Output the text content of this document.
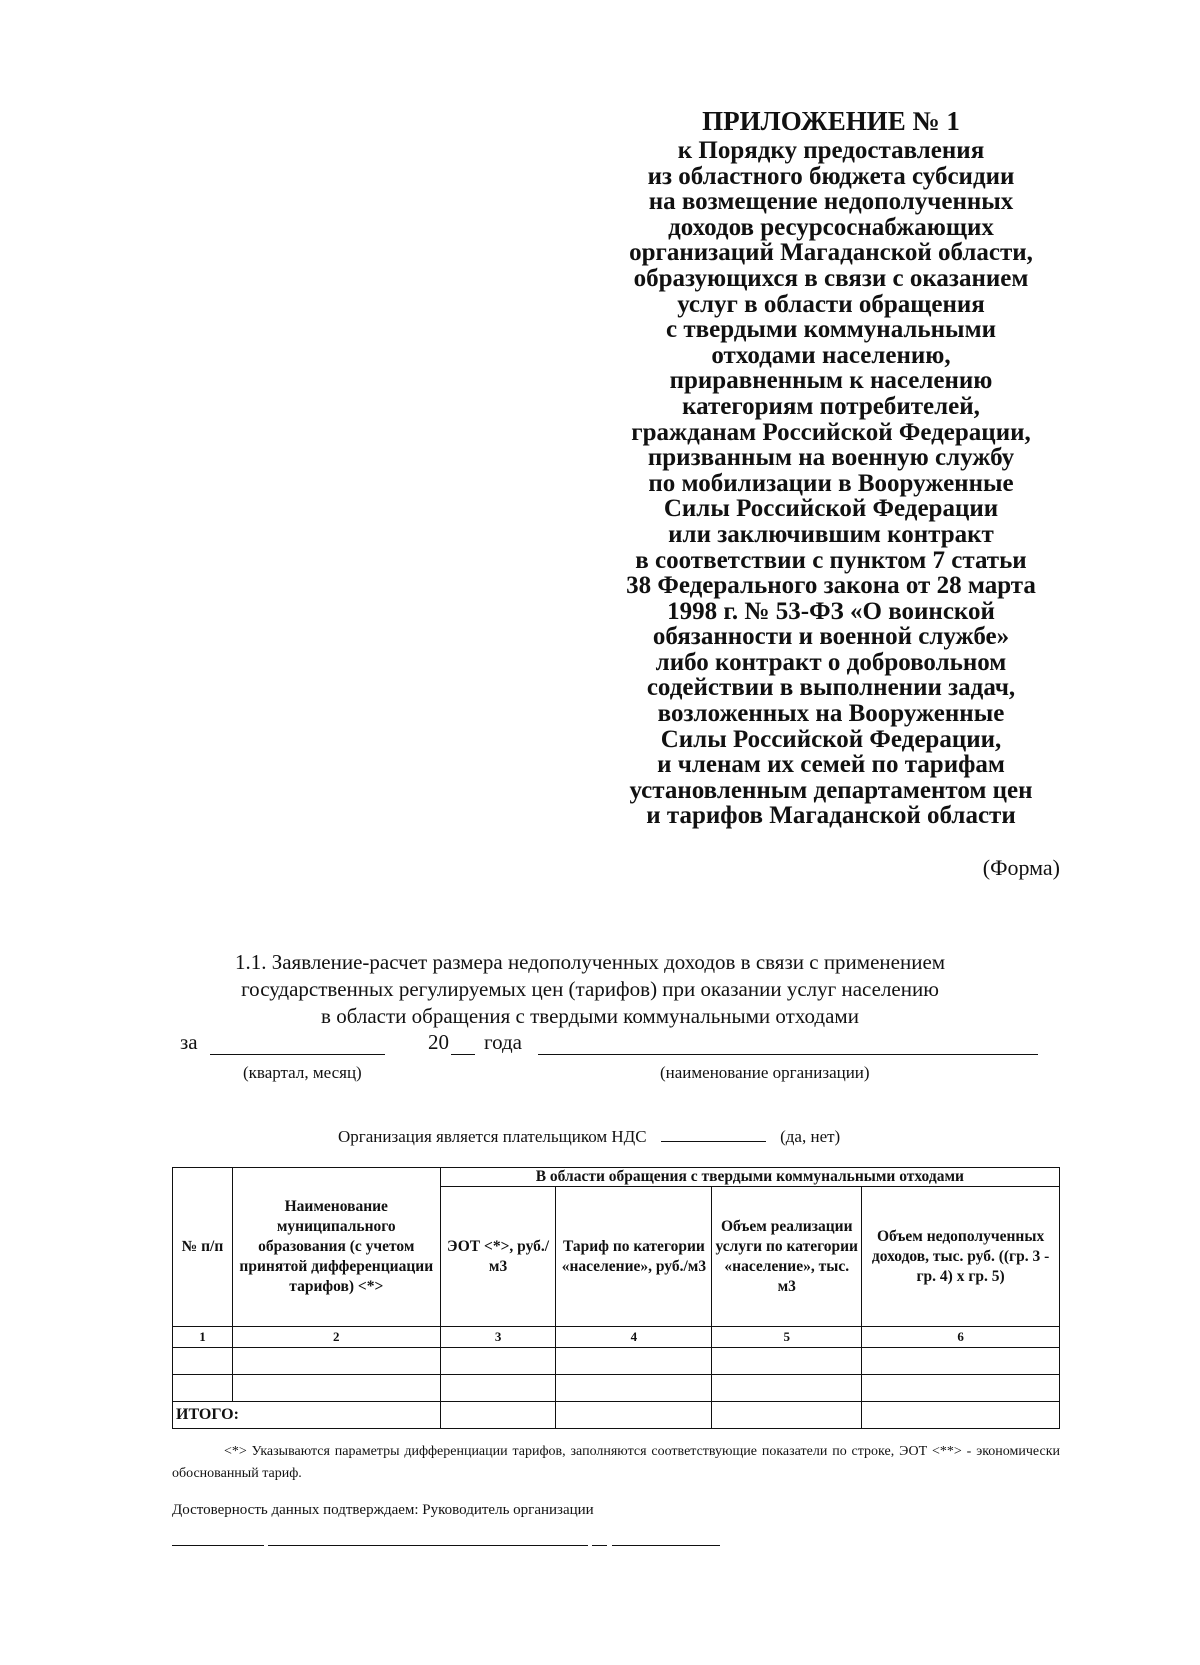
ПРИЛОЖЕНИЕ № 1
к Порядку предоставления
из областного бюджета субсидии
на возмещение недополученных
доходов ресурсоснабжающих
организаций Магаданской области,
образующихся в связи с оказанием
услуг в области обращения
с твердыми коммунальными
отходами населению,
приравненным к населению
категориям потребителей,
гражданам Российской Федерации,
призванным на военную службу
по мобилизации в Вооруженные
Силы Российской Федерации
или заключившим контракт
в соответствии с пунктом 7 статьи
38 Федерального закона от 28 марта
1998 г. № 53-ФЗ «О воинской
обязанности и военной службе»
либо контракт о добровольном
содействии в выполнении задач,
возложенных на Вооруженные
Силы Российской Федерации,
и членам их семей по тарифам
установленным департаментом цен
и тарифов Магаданской области
(Форма)
1.1. Заявление-расчет размера недополученных доходов в связи с применением
государственных регулируемых цен (тарифов) при оказании услуг населению
в области обращения с твердыми коммунальными отходами
за	20 года
(квартал, месяц)	(наименование организации)
Организация является плательщиком НДС	(да, нет)
№ п/п	Наименование муниципального образования (с учетом принятой дифференциации тарифов) <*>	В области обращения с твердыми коммунальными отходами			
		ЭОТ <*>, руб./м3	Тариф по категории «население», руб./м3	Объем реализации услуги по категории «население», тыс. м3	Объем недополученных доходов, тыс. руб. ((гр. 3 - гр. 4) x гр. 5)
1	2	3	4	5	6

ИТОГО:					
<*> Указываются параметры дифференциации тарифов, заполняются соответствующие показатели по строке, ЭОТ <**> - экономически обоснованный тариф.
Достоверность данных подтверждаем: Руководитель организации
